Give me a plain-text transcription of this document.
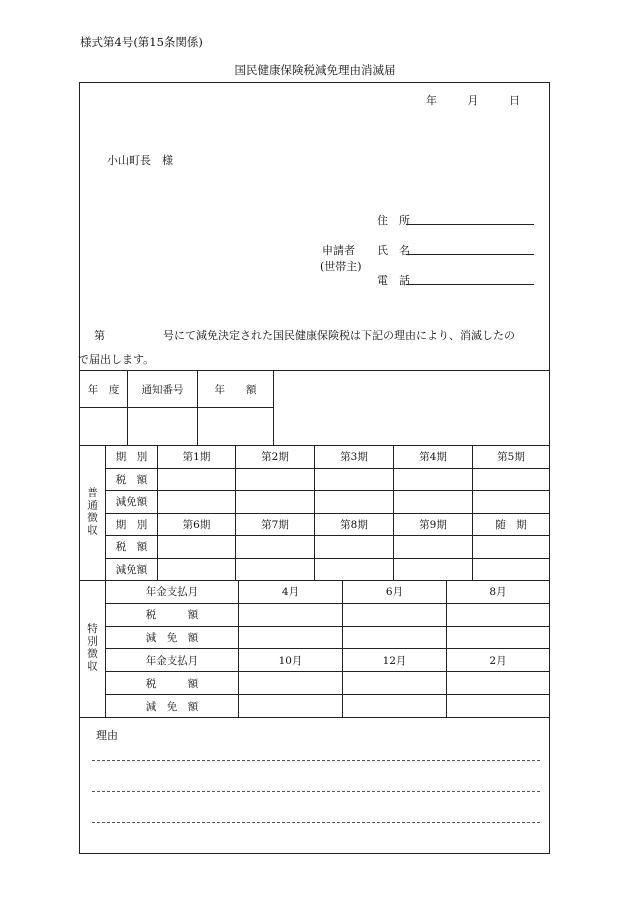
様式第4号(第15条関係)
国民健康保険税減免理由消滅届
年	月	日
小山町長　様
住　所
申請者	氏　名
(世帯主)
電　話
第	号にて減免決定された国民健康保険税は下記の理由により、消滅したの
で届出します。
年　度	通知番号	年　　額	

普通徴収	期　別	第1期	第2期	第3期	第4期	第5期
	税　額					
	減免額					
	期　別	第6期	第7期	第8期	第9期	随　期
	税　額					
	減免額					
特別徴収	年金支払月	4月	6月	8月
	税　　　額			
	減　免　額			
	年金支払月	10月	12月	2月
	税　　　額			
	減　免　額			
理由
